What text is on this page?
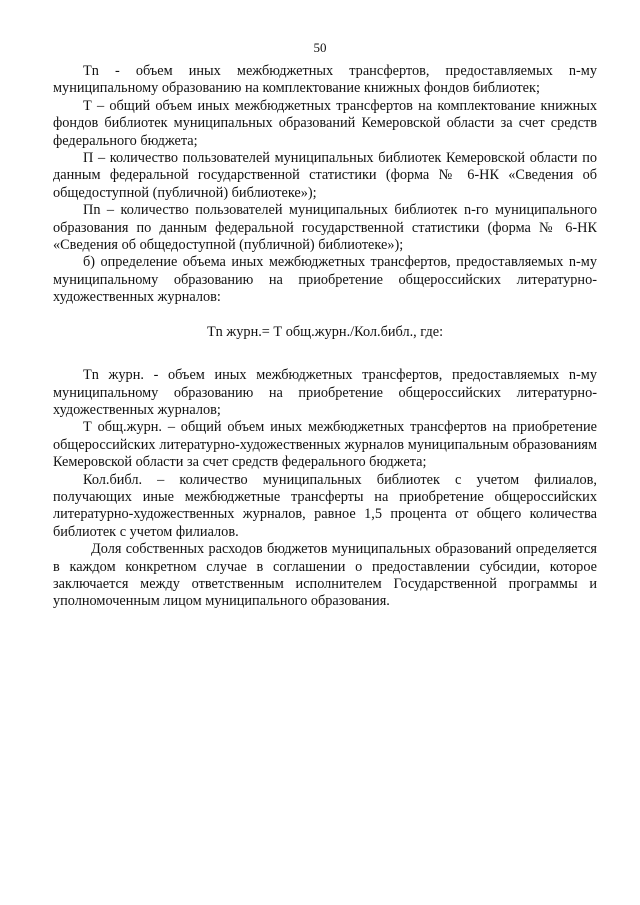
50

Tn - объем иных межбюджетных трансфертов, предоставляемых n-му муниципальному образованию на комплектование книжных фондов библиотек;

Т – общий объем иных межбюджетных трансфертов на комплектование книжных фондов библиотек муниципальных образований Кемеровской области за счет средств федерального бюджета;

П – количество пользователей муниципальных библиотек Кемеровской области по данным федеральной государственной статистики (форма № 6-НК «Сведения об общедоступной (публичной) библиотеке»);

Пn – количество пользователей муниципальных библиотек n-го муниципального образования по данным федеральной государственной статистики (форма № 6-НК «Сведения об общедоступной (публичной) библиотеке»);

б) определение объема иных межбюджетных трансфертов, предоставляемых n-му муниципальному образованию на приобретение общероссийских литературно-художественных журналов:

Tn журн.= Т общ.журн./Кол.библ., где:

Tn журн. - объем иных межбюджетных трансфертов, предоставляемых n-му муниципальному образованию на приобретение общероссийских литературно-художественных журналов;

Т общ.журн. – общий объем иных межбюджетных трансфертов на приобретение общероссийских литературно-художественных журналов муниципальным образованиям Кемеровской области за счет средств федерального бюджета;

Кол.библ. – количество муниципальных библиотек с учетом филиалов, получающих иные межбюджетные трансферты на приобретение общероссийских литературно-художественных журналов, равное 1,5 процента от общего количества библиотек с учетом филиалов.

Доля собственных расходов бюджетов муниципальных образований определяется в каждом конкретном случае в соглашении о предоставлении субсидии, которое заключается между ответственным исполнителем Государственной программы и уполномоченным лицом муниципального образования.
